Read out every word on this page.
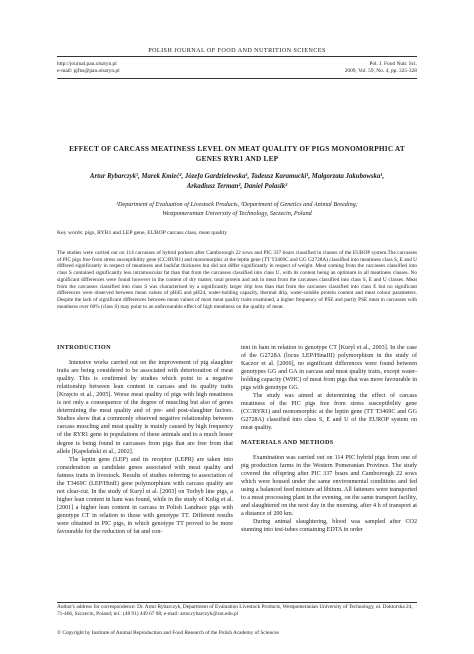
POLISH JOURNAL OF FOOD AND NUTRITION SCIENCES
http://journal.pan.olsztyn.pl
e-mail: pjfns@pan.olsztyn.pl
Pol. J. Food Nutr. Sci.
2009, Vol. 59, No. 4, pp. 325-328
EFFECT OF CARCASS MEATINESS LEVEL ON MEAT QUALITY OF PIGS MONOMORPHIC AT GENES RYR1 AND LEP
Artur Rybarczyk¹, Marek Kmieć², Józefa Gardzielewska¹, Tadeusz Karamucki¹, Małgorzata Jakubowska¹,
Arkadiusz Terman², Daniel Polasik²
¹Department of Evaluation of Livestock Products, ²Department of Genetics and Animal Breeding;
Westpomeranian University of Technology, Szczecin, Poland
Key words: pigs, RYR1 and LEP gene, EUROP carcass class, meat quality
The studies were carried out on 114 carcasses of hybrid porkers after Camborough 22 sows and PIC 337 boars classified in classes of the EUROP system.The carcasses of PIC pigs free from stress susceptibility gene (CC/RYR1) and monomorphic at the leptin gene (TT T3469C and GG G2728A) classified into meatiness class S, E and U differed significantly in respect of meatiness and backfat thickness but did not differ significantly in respect of weight. Meat coming from the carcasses classified into class S contained significantly less intramuscular fat than that from the carcasses classified into class U, with its content being an optimum in all meatiness classes. No significant differences were found however in the content of dry matter, total protein and ash in meat from the carcasses classified into class S, E and U classes. Meat from the carcasses classified into class S was characterised by a significantly larger drip loss than that from the carcasses classified into class E but no significant differences were observed between mean values of pH45 and pH24, water-holding capacity, thermal drip, water-soluble protein content and meat colour parameters. Despite the lack of significant differences between mean values of most meat quality traits examined, a higher frequency of PSE and partly PSE meat in carcasses with meatiness over 60% (class S) may point to an unfavourable effect of high meatiness on the quality of meat.
INTRODUCTION

Intensive works carried out on the improvement of pig slaughter traits are being considered to be associated with deterioration of meat quality. This is confirmed by studies which point to a negative relationship between lean content in carcass and its quality traits [Krzęcio et al., 2005]. Worse meat quality of pigs with high meatiness is not only a consequence of the degree of muscling but also of genes determining the meat quality and of pre- and post-slaughter factors. Studies show that a commonly observed negative relationship between carcass muscling and meat quality is mainly caused by high frequency of the RYR1 gene in populations of these animals and to a much lesser degree is being found in carcasses from pigs that are free from that allele [Kapelański et al., 2002].

The leptin gene (LEP) and its receptor (LEPR) are taken into consideration as candidate genes associated with meat quality and fatness traits in livestock. Results of studies referring to association of the T3469C (LEP/HinfI) gene polymorphism with carcass quality are not clear-cut. In the study of Kuryl et al. [2003] on Torhyb line pigs, a higher lean content in ham was found, while in the study of Kulig et al. [2001] a higher lean content in carcass in Polish Landrace pigs with genotype CT in relation to those with genotype TT. Different results were obtained in PIC pigs, in which genotype TT proved to be more favourable for the reduction of fat and con-

tent in ham in relation to genotype CT [Kuryl et al., 2003]. In the case of the G2728A (locus LEP/HinaIII) polymorphism in the study of Kaczor et al. [2006], no significant differences were found between genotypes GG and GA in carcass and meat quality traits, except water-holding capacity (WHC) of meat from pigs that was more favourable in pigs with genotype GG.

The study was aimed at determining the effect of carcass meatiness of the PIC pigs free from stress susceptibility gene (CC/RYR1) and monomorphic at the leptin gene (TT T3469C and GG G2728A) classified into class S, E and U of the EUROP system on meat quality.

MATERIALS AND METHODS

Examination was carried out on 114 PIC hybrid pigs from one of pig production farms in the Western Pomeranian Province. The study covered the offspring after PIC 337 boars and Camborough 22 sows which were housed under the same environmental conditions and fed using a balanced feed mixture ad libitum. All fatteners were transported to a meat processing plant in the evening, on the same transport facility, and slaughtered on the next day in the morning, after 4 h of transport at a distance of 200 km.

During animal slaughtering, blood was sampled after CO2 stunning into test-tubes containing EDTA in order

Author's address for correspondence: Dr. Artur Rybarczyk, Department of Evaluation Livestock Products, Westpomeranian University of Technology, ul. Doktorska 24, 71-466, Szczecin, Poland; tel.: (48 91) 449 67 08; e-mail: artur.rybarczyk@zut.edu.pl
© Copyright by Institute of Animal Reproduction and Food Research of the Polish Academy of Sciences
